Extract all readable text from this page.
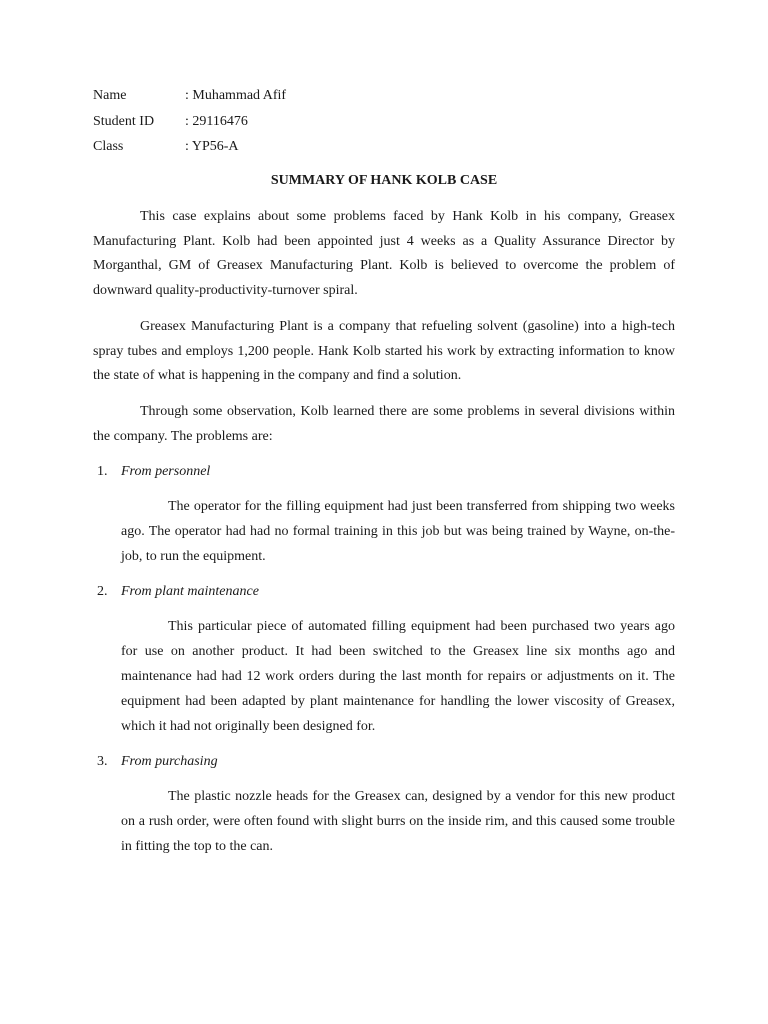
Name	: Muhammad Afif
Student ID	: 29116476
Class	: YP56-A
SUMMARY OF HANK KOLB CASE

This case explains about some problems faced by Hank Kolb in his company, Greasex Manufacturing Plant. Kolb had been appointed just 4 weeks as a Quality Assurance Director by Morganthal, GM of Greasex Manufacturing Plant. Kolb is believed to overcome the problem of downward quality-productivity-turnover spiral.

Greasex Manufacturing Plant is a company that refueling solvent (gasoline) into a high-tech spray tubes and employs 1,200 people. Hank Kolb started his work by extracting information to know the state of what is happening in the company and find a solution.

Through some observation, Kolb learned there are some problems in several divisions within the company. The problems are:

1. From personnel

The operator for the filling equipment had just been transferred from shipping two weeks ago. The operator had had no formal training in this job but was being trained by Wayne, on-the-job, to run the equipment.

2. From plant maintenance

This particular piece of automated filling equipment had been purchased two years ago for use on another product. It had been switched to the Greasex line six months ago and maintenance had had 12 work orders during the last month for repairs or adjustments on it. The equipment had been adapted by plant maintenance for handling the lower viscosity of Greasex, which it had not originally been designed for.

3. From purchasing

The plastic nozzle heads for the Greasex can, designed by a vendor for this new product on a rush order, were often found with slight burrs on the inside rim, and this caused some trouble in fitting the top to the can.
